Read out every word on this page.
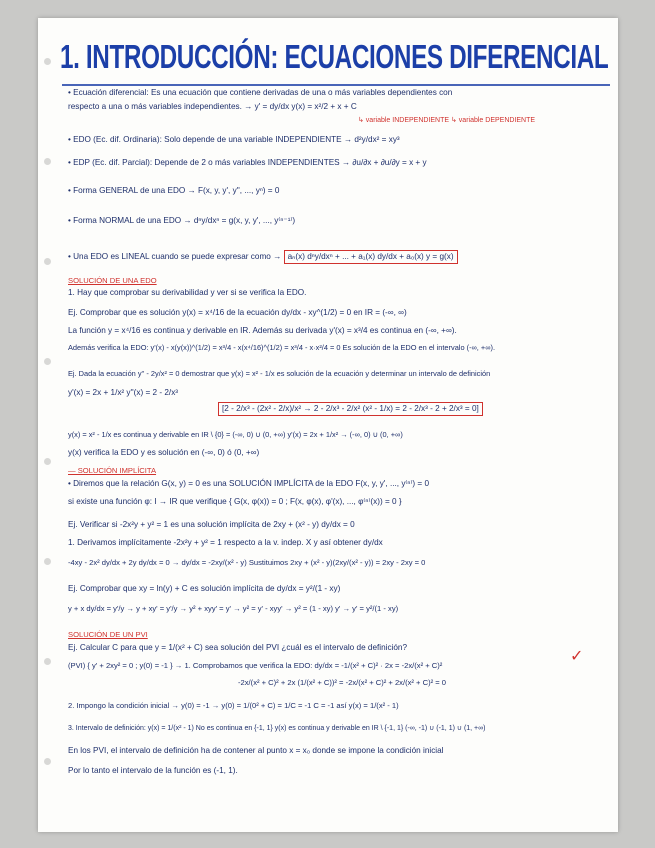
1. INTRODUCCIÓN: ECUACIONES DIFERENCIAL
• Ecuación diferencial: Es una ecuación que contiene derivadas de una o más variables dependientes con
respecto a una o más variables independientes. → y' = dy/dx y(x) = x²/2 + x + C
↳ variable INDEPENDIENTE ↳ variable DEPENDIENTE
• EDO (Ec. dif. Ordinaria): Solo depende de una variable INDEPENDIENTE → d²y/dx² = xy³
• EDP (Ec. dif. Parcial): Depende de 2 o más variables INDEPENDIENTES → ∂u/∂x + ∂u/∂y = x + y
• Forma GENERAL de una EDO → F(x, y, y', y'', ..., yⁿ) = 0
• Forma NORMAL de una EDO → dⁿy/dxⁿ = g(x, y, y', ..., y⁽ⁿ⁻¹⁾)
• Una EDO es LINEAL cuando se puede expresar como → aₙ(x) dⁿy/dxⁿ + ... + a₁(x) dy/dx + a₀(x) y = g(x)
SOLUCIÓN DE UNA EDO
1. Hay que comprobar su derivabilidad y ver si se verifica la EDO.
Ej. Comprobar que es solución y(x) = x⁴/16 de la ecuación dy/dx - xy^(1/2) = 0 en IR = (-∞, ∞)
La función y = x⁴/16 es continua y derivable en IR. Además su derivada y'(x) = x³/4 es continua en (-∞, +∞).
Además verifica la EDO: y'(x) - x(y(x))^(1/2) = x³/4 - x(x⁴/16)^(1/2) = x³/4 - x·x²/4 = 0 Es solución de la EDO en el intervalo (-∞, +∞).
Ej. Dada la ecuación y'' - 2y/x² = 0 demostrar que y(x) = x² - 1/x es solución de la ecuación y determinar un intervalo de definición
y'(x) = 2x + 1/x² y''(x) = 2 - 2/x³
[2 - 2/x³ - (2x² - 2/x)/x² → 2 - 2/x³ - 2/x² (x² - 1/x) = 2 - 2/x³ - 2 + 2/x³ = 0]
y(x) = x² - 1/x es continua y derivable en IR \ {0} = (-∞, 0) ∪ (0, +∞) y'(x) = 2x + 1/x² → (-∞, 0) ∪ (0, +∞)
y(x) verifica la EDO y es solución en (-∞, 0) ó (0, +∞)
— SOLUCIÓN IMPLÍCITA
• Diremos que la relación G(x, y) = 0 es una SOLUCIÓN IMPLÍCITA de la EDO F(x, y, y', ..., y⁽ⁿ⁾) = 0
si existe una función φ: I → IR que verifique { G(x, φ(x)) = 0 ; F(x, φ(x), φ'(x), ..., φ⁽ⁿ⁾(x)) = 0 }
Ej. Verificar si -2x²y + y² = 1 es una solución implícita de 2xy + (x² - y) dy/dx = 0
1. Derivamos implícitamente -2x²y + y² = 1 respecto a la v. indep. X y así obtener dy/dx
-4xy - 2x² dy/dx + 2y dy/dx = 0 → dy/dx = -2xy/(x² - y) Sustituimos 2xy + (x² - y)(2xy/(x² - y)) = 2xy - 2xy = 0
Ej. Comprobar que xy = ln(y) + C es solución implícita de dy/dx = y²/(1 - xy)
y + x dy/dx = y'/y → y + xy' = y'/y → y² + xyy' = y' → y² = y' - xyy' → y² = (1 - xy) y' → y' = y²/(1 - xy)
SOLUCIÓN DE UN PVI
Ej. Calcular C para que y = 1/(x² + C) sea solución del PVI ¿cuál es el intervalo de definición?
(PVI) { y' + 2xy² = 0 ; y(0) = -1 } → 1. Comprobamos que verifica la EDO: dy/dx = -1/(x² + C)² · 2x = -2x/(x² + C)²
-2x/(x² + C)² + 2x (1/(x² + C))² = -2x/(x² + C)² + 2x/(x² + C)² = 0
✓
2. Impongo la condición inicial → y(0) = -1 → y(0) = 1/(0² + C) = 1/C = -1 C = -1 así y(x) = 1/(x² - 1)
3. Intervalo de definición: y(x) = 1/(x² - 1) No es continua en {-1, 1} y(x) es continua y derivable en IR \ {-1, 1} (-∞, -1) ∪ (-1, 1) ∪ (1, +∞)
En los PVI, el intervalo de definición ha de contener al punto x = x₀ donde se impone la condición inicial
Por lo tanto el intervalo de la función es (-1, 1).
